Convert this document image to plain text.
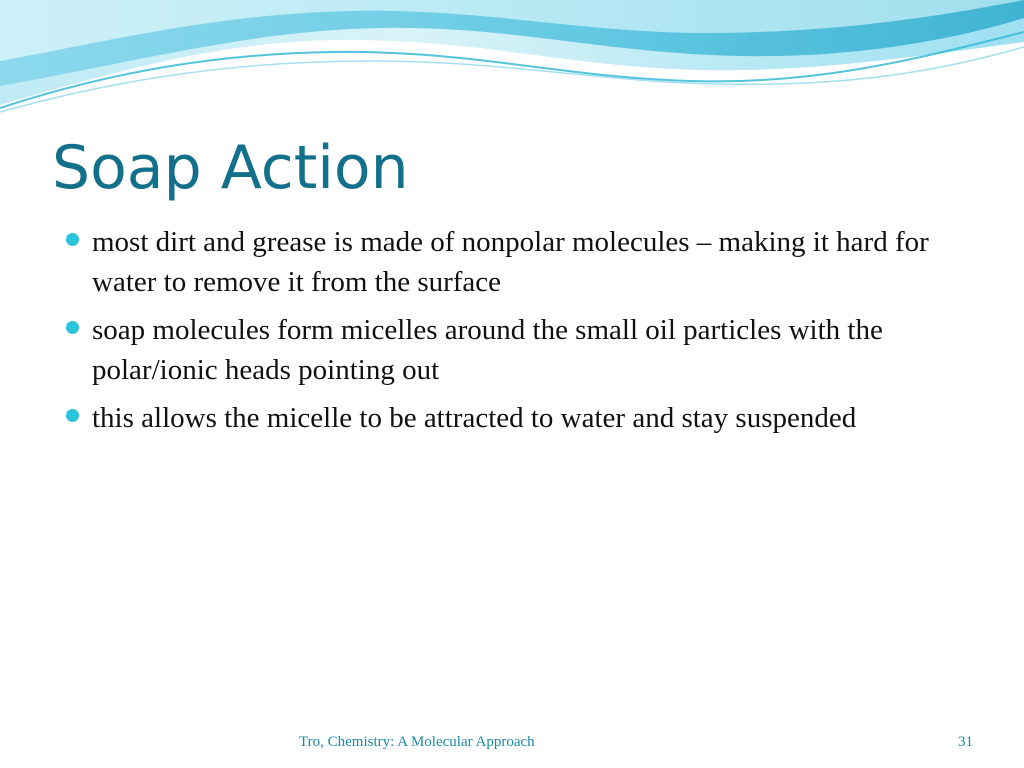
Soap Action
most dirt and grease is made of nonpolar molecules – making it hard for water to remove it from the surface
soap molecules form micelles around the small oil particles with the polar/ionic heads pointing out
this allows the micelle to be attracted to water and stay suspended
Tro, Chemistry: A Molecular Approach	31
